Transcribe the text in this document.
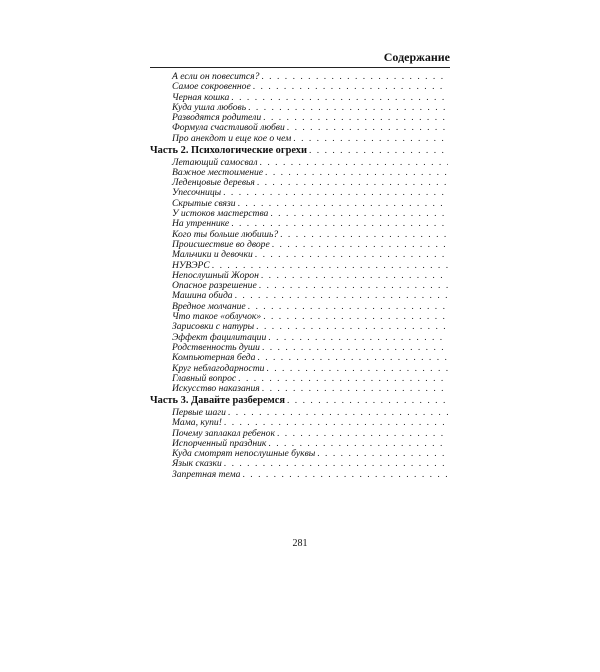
Содержание
А если он повесится?
. . .
Самое сокровенное
. . .
Черная кошка
. . .
Куда ушла любовь
. . .
Разводятся родители
. . .
Формула счастливой любви
. . .
Про анекдот и еще кое о чем
. . .
Часть 2. Психологические огрехи
. . .
Летающий самосвал
. . .
Важное местоимение
. . .
Леденцовые деревья
. . .
Упесочницы
. . .
Скрытые связи
. . .
У истоков мастерства
. . .
На утреннике
. . .
Кого ты больше любишь?
. . .
Происшествие во дворе
. . .
Мальчики и девочки
. . .
НУВЭРС
. . .
Непослушный Жорон
. . .
Опасное разрешение
. . .
Машина обида
. . .
Вредное молчание
. . .
Что такое «облучок»
. . .
Зарисовки с натуры
. . .
Эффект фацилитации
. . .
Родственность души
. . .
Компьютерная беда
. . .
Круг неблагодарности
. . .
Главный вопрос
. . .
Искусство наказания
. . .
Часть 3. Давайте разберемся
. . .
Первые шаги
. . .
Мама, купи!
. . .
Почему заплакал ребенок
. . .
Испорченный праздник
. . .
Куда смотрят непослушные буквы
. . .
Язык сказки
. . .
Запретная тема
. . .
281
